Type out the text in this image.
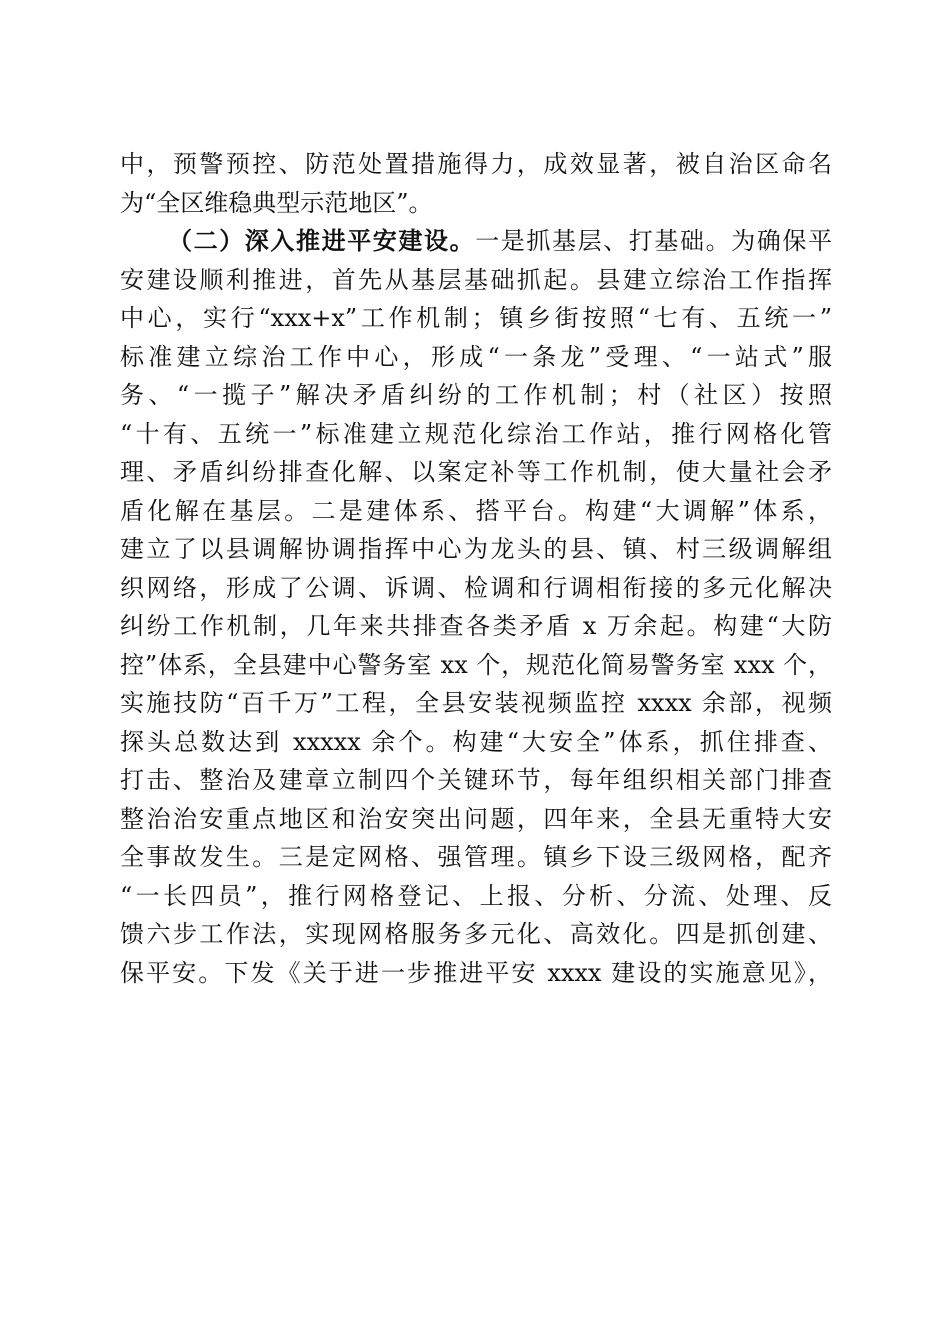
中，预警预控、防范处置措施得力，成效显著，被自治区命名
为“全区维稳典型示范地区”。
（二）深入推进平安建设。一是抓基层、打基础。为确保平
安建设顺利推进，首先从基层基础抓起。县建立综治工作指挥
中心，实行“xxx+x”工作机制；镇乡街按照“七有、五统一”
标准建立综治工作中心，形成“一条龙”受理、“一站式”服
务、“一揽子”解决矛盾纠纷的工作机制；村（社区）按照
“十有、五统一”标准建立规范化综治工作站，推行网格化管
理、矛盾纠纷排查化解、以案定补等工作机制，使大量社会矛
盾化解在基层。二是建体系、搭平台。构建“大调解”体系，
建立了以县调解协调指挥中心为龙头的县、镇、村三级调解组
织网络，形成了公调、诉调、检调和行调相衔接的多元化解决
纠纷工作机制，几年来共排查各类矛盾 x 万余起。构建“大防
控”体系，全县建中心警务室 xx 个，规范化简易警务室 xxx 个，
实施技防“百千万”工程，全县安装视频监控 xxxx 余部，视频
探头总数达到 xxxxx 余个。构建“大安全”体系，抓住排查、
打击、整治及建章立制四个关键环节，每年组织相关部门排查
整治治安重点地区和治安突出问题，四年来，全县无重特大安
全事故发生。三是定网格、强管理。镇乡下设三级网格，配齐
“一长四员”，推行网格登记、上报、分析、分流、处理、反
馈六步工作法，实现网格服务多元化、高效化。四是抓创建、
保平安。下发《关于进一步推进平安 xxxx 建设的实施意见》，
